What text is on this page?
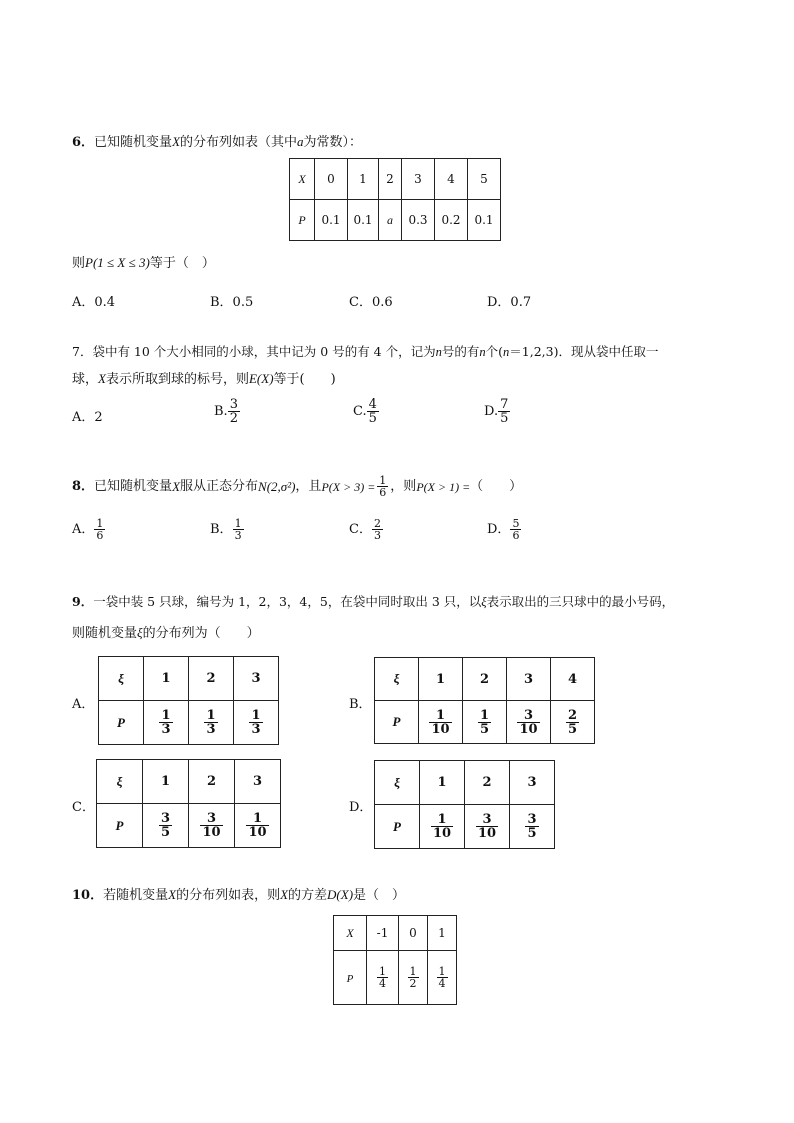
6．已知随机变量X的分布列如表（其中a为常数）：
X	0	1	2	3	4	5
P	0.1	0.1	a	0.3	0.2	0.1
则P(1 ≤ X ≤ 3)等于（　）
A．0.4	B．0.5	C．0.6	D．0.7
7．袋中有 10 个大小相同的小球，其中记为 0 号的有 4 个，记为n号的有n个(n＝1,2,3)．现从袋中任取一
球，X表示所取到球的标号，则E(X)等于(　　)
A．2	B. $\frac{3}{2}$	C. $\frac{4}{5}$	D. $\frac{7}{5}$
8． 已知随机变量 X 服从正态分布 N(2,σ²) ，且 $P(X > 3) = \frac{1}{6}$ ，则 P(X > 1) = （　　）
A． $\frac{1}{6}$	B． $\frac{1}{3}$	C． $\frac{2}{3}$	D． $\frac{5}{6}$
9．一袋中装 5 只球，编号为 1，2，3，4，5，在袋中同时取出 3 只，以ξ表示取出的三只球中的最小号码，
则随机变量ξ的分布列为（　　）
A．
ξ	1	2	3
P	$\frac{1}{3}$	$\frac{1}{3}$	$\frac{1}{3}$
B．
ξ	1	2	3	4
P	$\frac{1}{10}$	$\frac{1}{5}$	$\frac{3}{10}$	$\frac{2}{5}$
C．
ξ	1	2	3
P	$\frac{3}{5}$	$\frac{3}{10}$	$\frac{1}{10}$
D．
ξ	1	2	3
P	$\frac{1}{10}$	$\frac{3}{10}$	$\frac{3}{5}$
10．若随机变量X的分布列如表，则X的方差D(X)是（　）
X	-1	0	1
P	$\frac{1}{4}$	$\frac{1}{2}$	$\frac{1}{4}$
